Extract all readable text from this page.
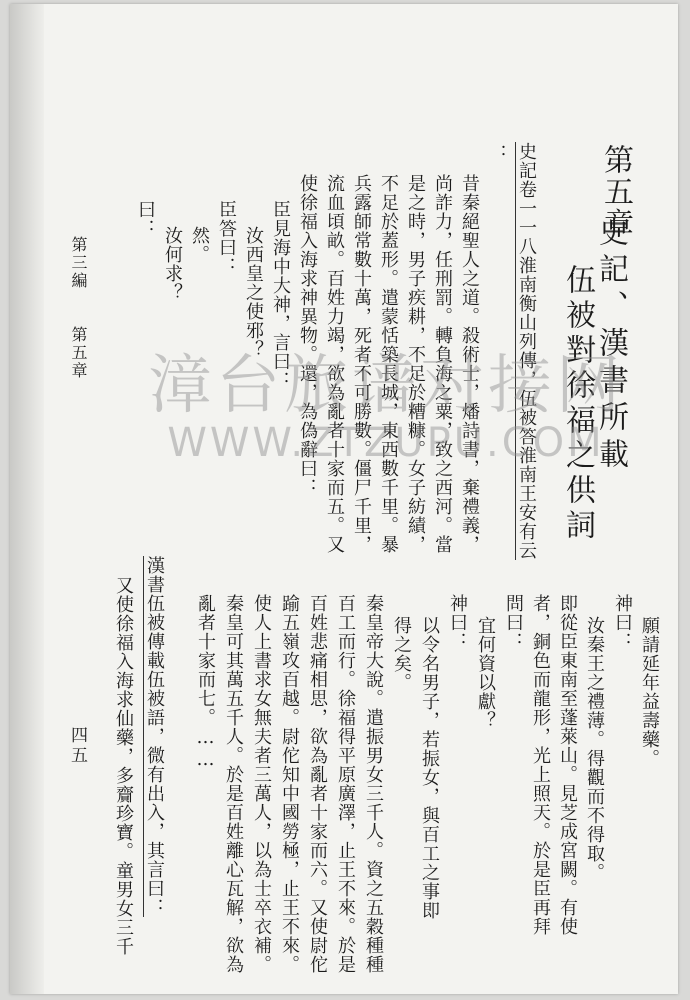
第五章
史記、漢書所載
伍被對徐福之供詞
史記卷一一八淮南衡山列傳，伍被答淮南王安有云
：
昔秦絕聖人之道。殺術士，燔詩書，棄禮義，
尚詐力，任刑罰。轉負海之粟，致之西河。當
是之時，男子疾耕，不足於糟糠。女子紡績，
不足於蓋形。遣蒙恬築長城，東西數千里。暴
兵露師常數十萬，死者不可勝數。僵尸千里，
流血頃畝。百姓力竭，欲為亂者十家而五。又
使徐福入海求神異物。還，為偽辭曰：
臣見海中大神，言曰：
汝西皇之使邪？
臣答曰：
然。
汝何求？
曰：
願請延年益壽藥。
神曰：
汝秦王之禮薄。得觀而不得取。
即從臣東南至蓬萊山。見芝成宮闕。有使
者，銅色而龍形，光上照天。於是臣再拜
問曰：
宜何資以獻？
神曰：
以令名男子，若振女，與百工之事即
得之矣。
秦皇帝大說。遣振男女三千人。資之五穀種種
百工而行。徐福得平原廣澤，止王不來。於是
百姓悲痛相思，欲為亂者十家而六。又使尉佗
踰五嶺攻百越。尉佗知中國勞極，止王不來。
使人上書求女無夫者三萬人，以為士卒衣補。
秦皇可其萬五千人。於是百姓離心瓦解，欲為
亂者十家而七。……
漢書伍被傳載伍被語，微有出入，其言曰：
又使徐福入海求仙藥，多齎珍寶。童男女三千
第三編
第五章
四五
漳台旅谱对接网
WWW.ZTZUPU.COM
